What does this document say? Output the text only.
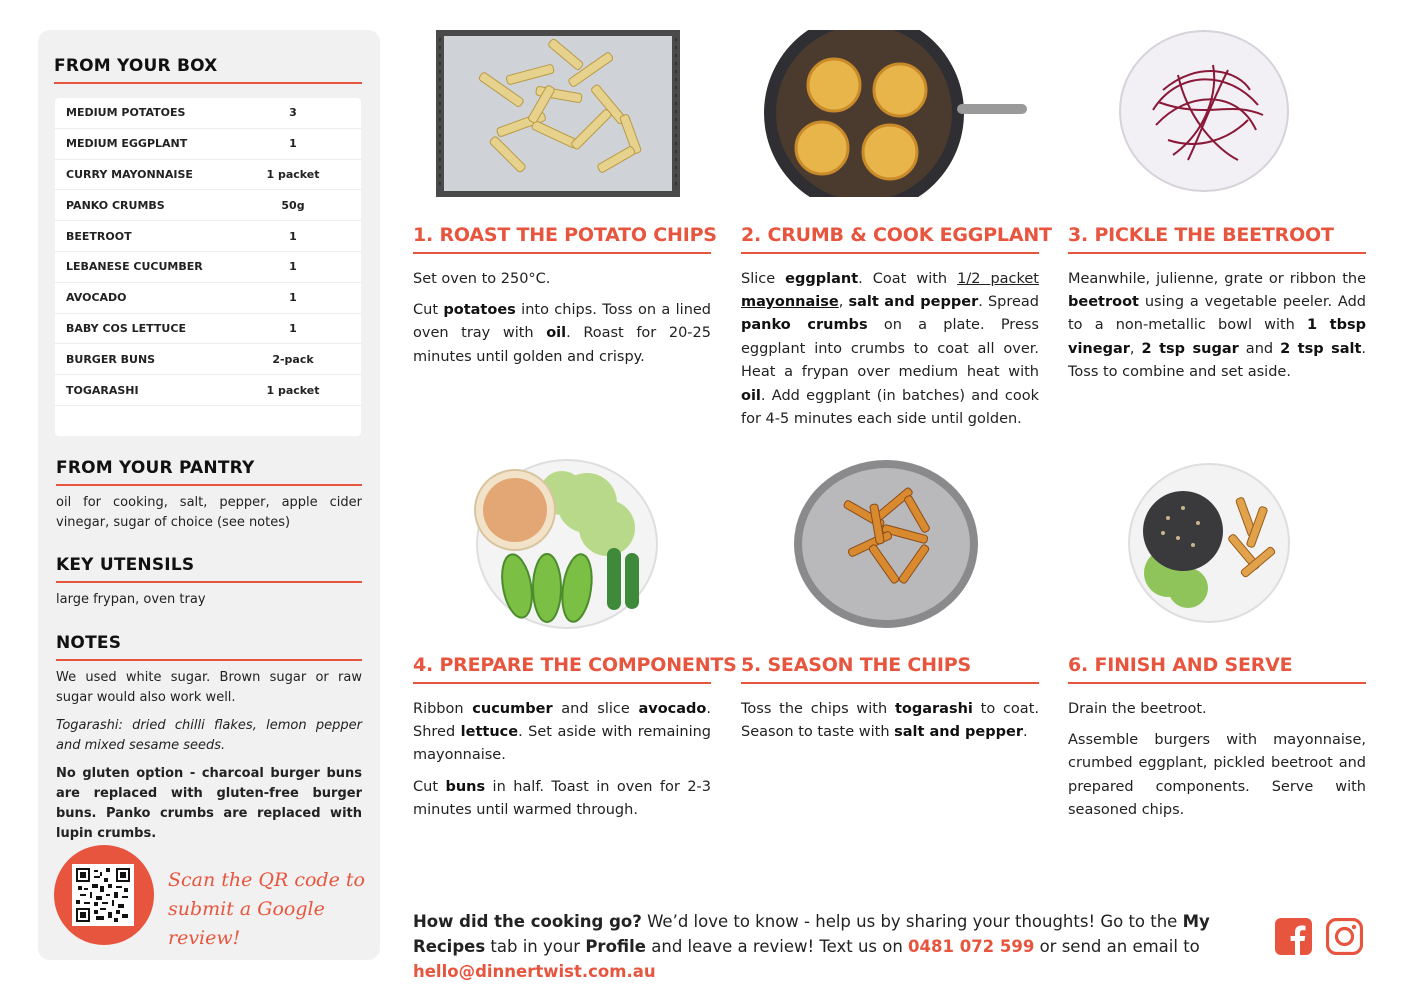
FROM YOUR BOX
MEDIUM POTATOES	3
MEDIUM EGGPLANT	1
CURRY MAYONNAISE	1 packet
PANKO CRUMBS	50g
BEETROOT	1
LEBANESE CUCUMBER	1
AVOCADO	1
BABY COS LETTUCE	1
BURGER BUNS	2-pack
TOGARASHI	1 packet
FROM YOUR PANTRY

oil for cooking, salt, pepper, apple cider vinegar, sugar of choice (see notes)

KEY UTENSILS

large frypan, oven tray

NOTES

We used white sugar. Brown sugar or raw sugar would also work well.

Togarashi: dried chilli flakes, lemon pepper and mixed sesame seeds.

No gluten option - charcoal burger buns are replaced with gluten-free burger buns. Panko crumbs are replaced with lupin crumbs.

Scan the QR code to
submit a Google review!
1. ROAST THE POTATO CHIPS

Set oven to 250°C.

Cut potatoes into chips. Toss on a lined oven tray with oil. Roast for 20-25 minutes until golden and crispy.

2. CRUMB & COOK EGGPLANT

Slice eggplant. Coat with 1/2 packet mayonnaise, salt and pepper. Spread panko crumbs on a plate. Press eggplant into crumbs to coat all over. Heat a frypan over medium heat with oil. Add eggplant (in batches) and cook for 4-5 minutes each side until golden.

3. PICKLE THE BEETROOT

Meanwhile, julienne, grate or ribbon the beetroot using a vegetable peeler. Add to a non-metallic bowl with 1 tbsp vinegar, 2 tsp sugar and 2 tsp salt. Toss to combine and set aside.

4. PREPARE THE COMPONENTS

Ribbon cucumber and slice avocado. Shred lettuce. Set aside with remaining mayonnaise.

Cut buns in half. Toast in oven for 2-3 minutes until warmed through.

5. SEASON THE CHIPS

Toss the chips with togarashi to coat. Season to taste with salt and pepper.

6. FINISH AND SERVE

Drain the beetroot.

Assemble burgers with mayonnaise, crumbed eggplant, pickled beetroot and prepared components. Serve with seasoned chips.

How did the cooking go? We’d love to know - help us by sharing your thoughts! Go to the My Recipes tab in your Profile and leave a review! Text us on 0481 072 599 or send an email to hello@dinnertwist.com.au
